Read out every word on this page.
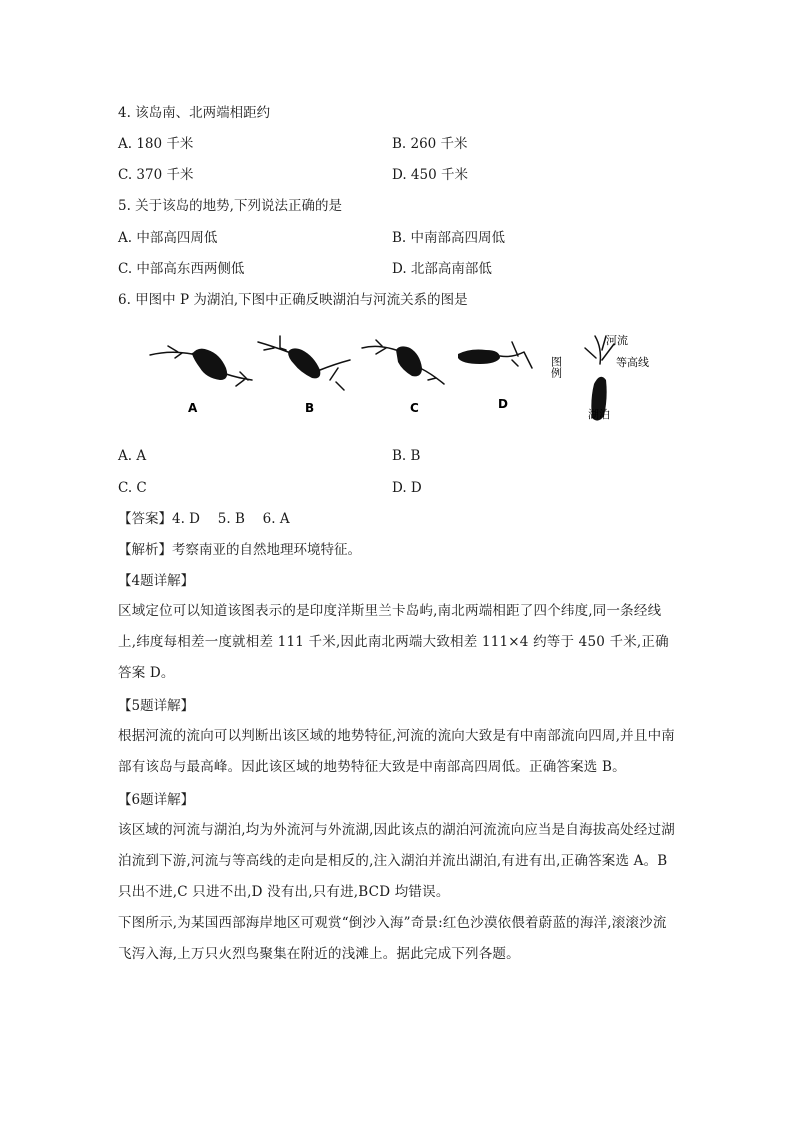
4. 该岛南、北两端相距约
A. 180 千米	B. 260 千米
C. 370 千米	D. 450 千米
5. 关于该岛的地势,下列说法正确的是
A. 中部高四周低	B. 中南部高四周低
C. 中部高东西两侧低	D. 北部高南部低
6. 甲图中 P 为湖泊,下图中正确反映湖泊与河流关系的图是
A	B	C	D
图例
河流
等高线
湖泊
A. A	B. B
C. C	D. D
【答案】4. D　 5. B　 6. A
【解析】考察南亚的自然地理环境特征。
【4题详解】
区域定位可以知道该图表示的是印度洋斯里兰卡岛屿,南北两端相距了四个纬度,同一条经线上,纬度每相差一度就相差 111 千米,因此南北两端大致相差 111×4 约等于 450 千米,正确答案 D。
【5题详解】
根据河流的流向可以判断出该区域的地势特征,河流的流向大致是有中南部流向四周,并且中南部有该岛与最高峰。因此该区域的地势特征大致是中南部高四周低。正确答案选 B。
【6题详解】
该区域的河流与湖泊,均为外流河与外流湖,因此该点的湖泊河流流向应当是自海拔高处经过湖泊流到下游,河流与等高线的走向是相反的,注入湖泊并流出湖泊,有进有出,正确答案选 A。B 只出不进,C 只进不出,D 没有出,只有进,BCD 均错误。
下图所示,为某国西部海岸地区可观赏“倒沙入海”奇景:红色沙漠依偎着蔚蓝的海洋,滚滚沙流飞泻入海,上万只火烈鸟聚集在附近的浅滩上。据此完成下列各题。
